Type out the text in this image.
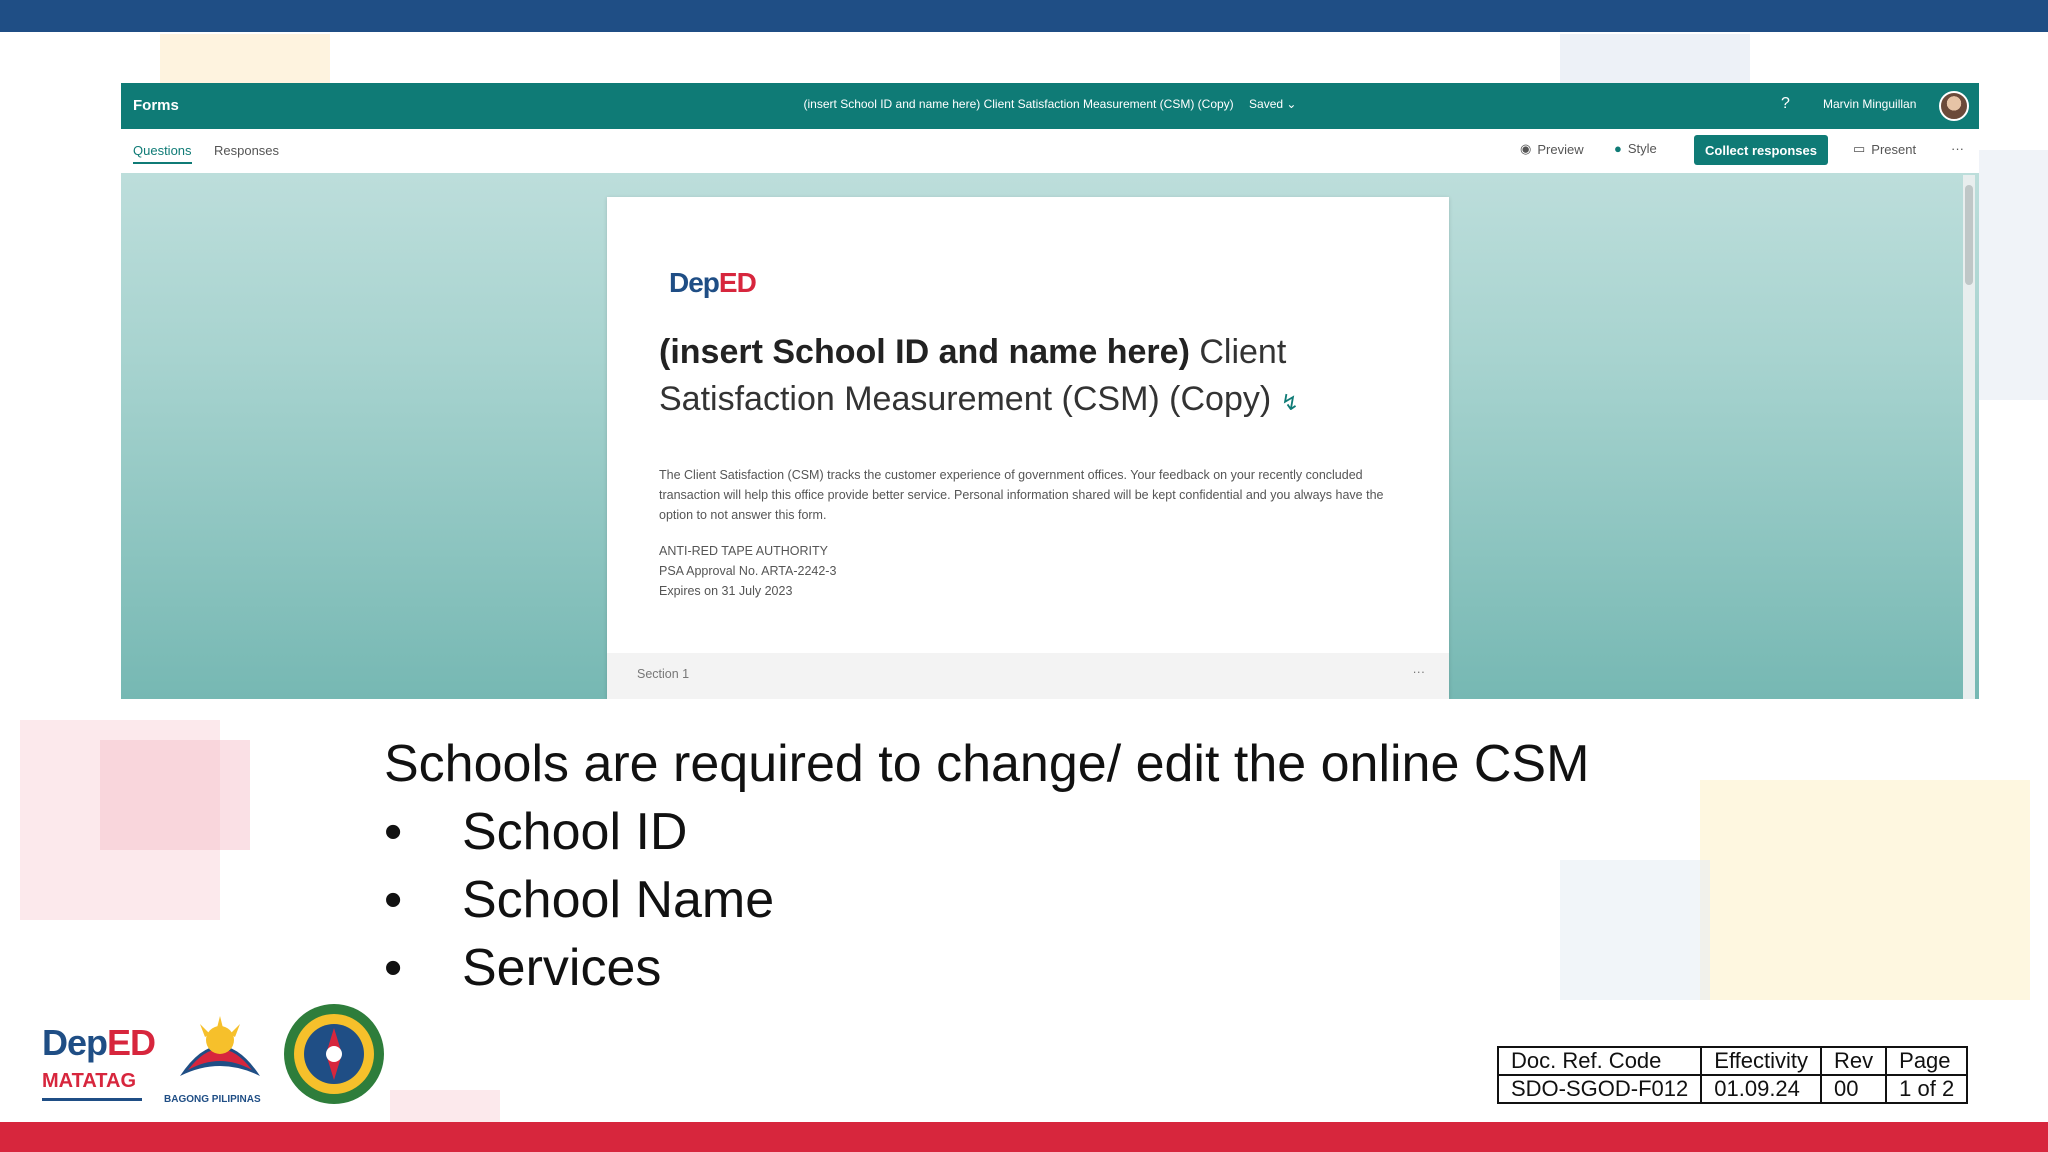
Forms	(insert School ID and name here) Client Satisfaction Measurement (CSM) (Copy) Saved ⌄	?	Marvin Minguillan
Questions Responses	◉ Preview ● Style	Collect responses	▭ Present	···
DepED
(insert School ID and name here) Client Satisfaction Measurement (CSM) (Copy) ↯
The Client Satisfaction (CSM) tracks the customer experience of government offices. Your feedback on your recently concluded transaction will help this office provide better service. Personal information shared will be kept confidential and you always have the option to not answer this form.
ANTI-RED TAPE AUTHORITY
PSA Approval No. ARTA-2242-3
Expires on 31 July 2023
Section 1	···
Schools are required to change/ edit the online CSM
• School ID
• School Name
• Services
DepED
MATATAG
BAGONG PILIPINAS
Doc. Ref. Code	Effectivity	Rev	Page
SDO-SGOD-F012	01.09.24	00	1 of 2
